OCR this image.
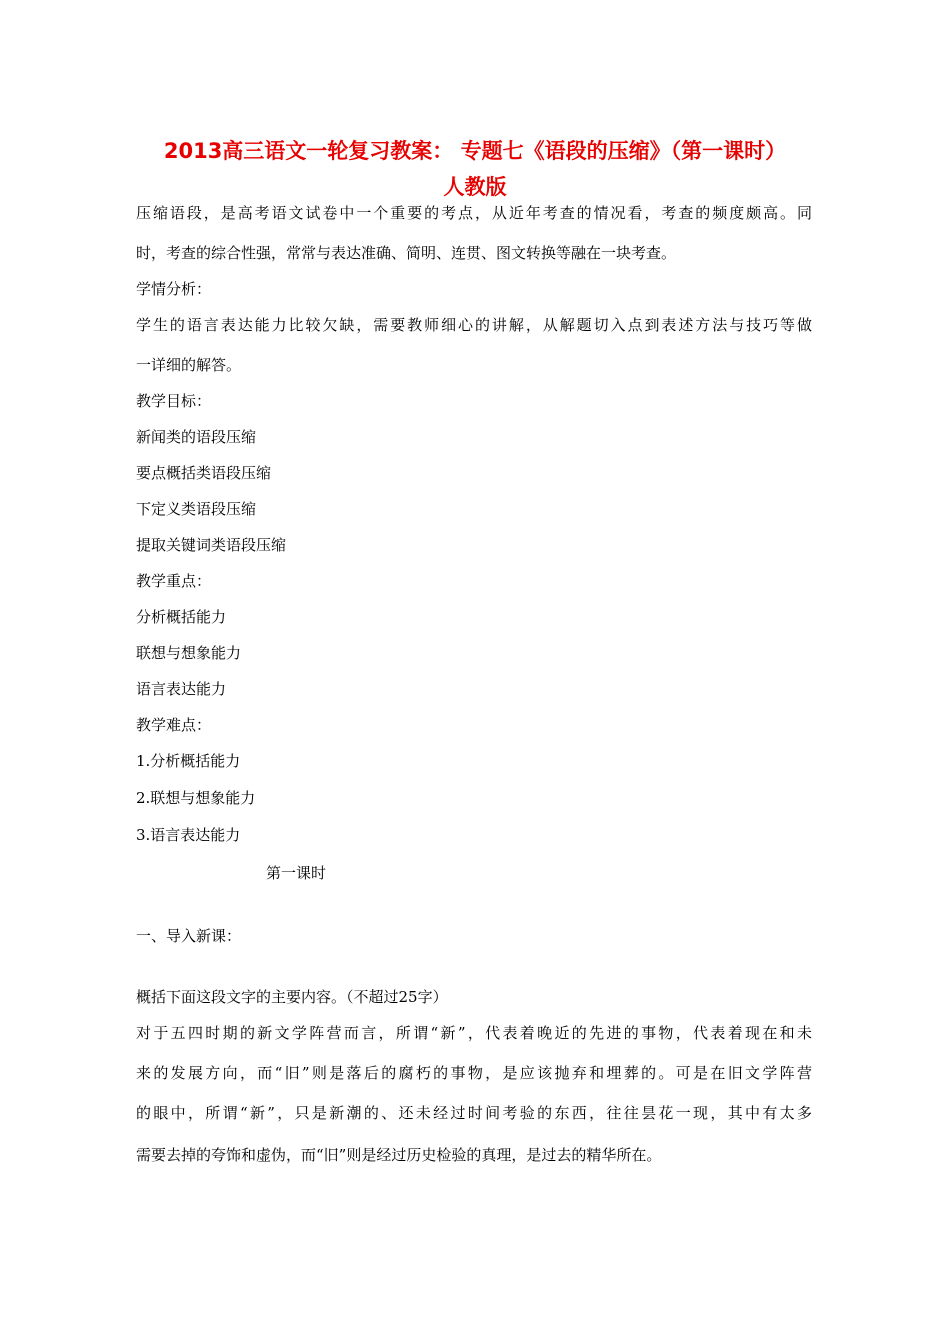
2013高三语文一轮复习教案： 专题七《语段的压缩》（第一课时）
人教版
压缩语段，是高考语文试卷中一个重要的考点，从近年考查的情况看，考查的频度颇高。同
时，考查的综合性强，常常与表达准确、简明、连贯、图文转换等融在一块考查。
学情分析：
学生的语言表达能力比较欠缺，需要教师细心的讲解，从解题切入点到表述方法与技巧等做
一详细的解答。
教学目标：
新闻类的语段压缩
要点概括类语段压缩
下定义类语段压缩
提取关键词类语段压缩
教学重点：
分析概括能力
联想与想象能力
语言表达能力
教学难点：
1.分析概括能力
2.联想与想象能力
3.语言表达能力
第一课时
一、导入新课：
概括下面这段文字的主要内容。（不超过25字）
对于五四时期的新文学阵营而言，所谓“新”，代表着晚近的先进的事物，代表着现在和未
来的发展方向，而“旧”则是落后的腐朽的事物，是应该抛弃和埋葬的。可是在旧文学阵营
的眼中，所谓“新”，只是新潮的、还未经过时间考验的东西，往往昙花一现，其中有太多
需要去掉的夸饰和虚伪，而“旧”则是经过历史检验的真理，是过去的精华所在。
